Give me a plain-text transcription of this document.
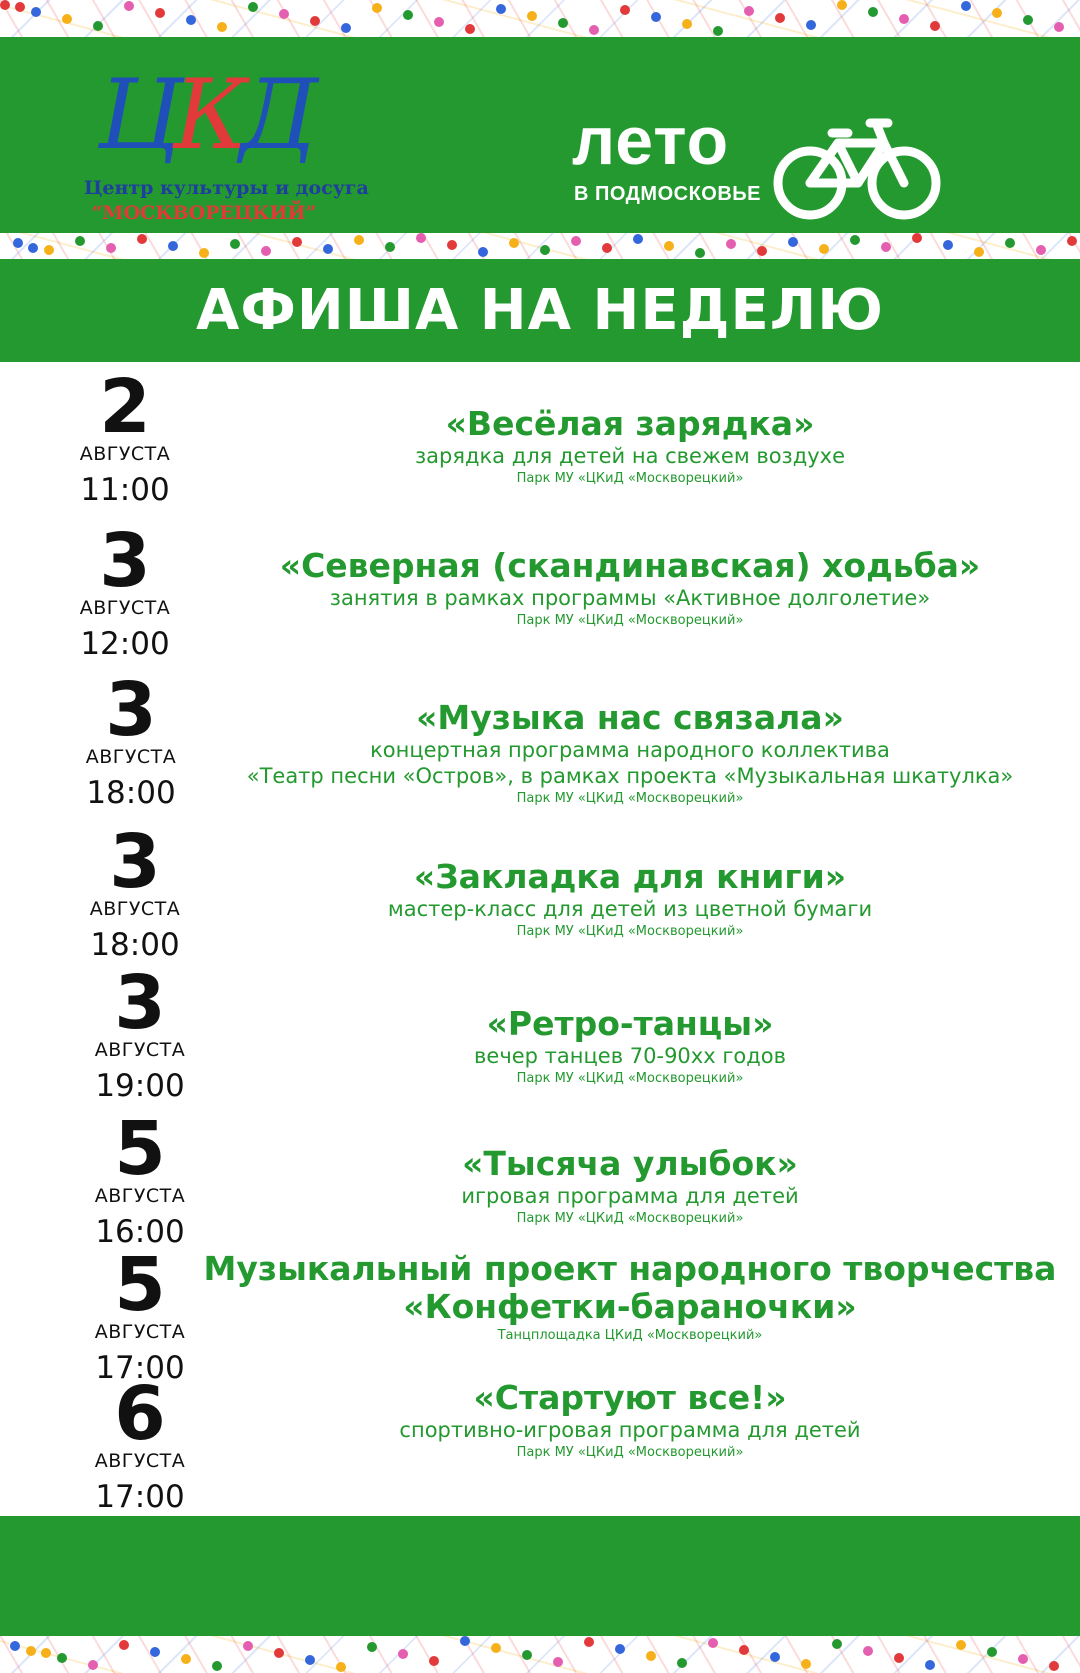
ЦКД
Центр культуры и досуга
“МОСКВОРЕЦКИЙ”
лето
В ПОДМОСКОВЬЕ
АФИША НА НЕДЕЛЮ
2
АВГУСТА
11:00

«Весёлая зарядка»

зарядка для детей на свежем воздухе

Парк МУ «ЦКиД «Москворецкий»

3
АВГУСТА
12:00

«Северная (скандинавская) ходьба»

занятия в рамках программы «Активное долголетие»

Парк МУ «ЦКиД «Москворецкий»

3
АВГУСТА
18:00

«Музыка нас связала»

концертная программа народного коллектива

«Театр песни «Остров», в рамках проекта «Музыкальная шкатулка»

Парк МУ «ЦКиД «Москворецкий»

3
АВГУСТА
18:00

«Закладка для книги»

мастер-класс для детей из цветной бумаги

Парк МУ «ЦКиД «Москворецкий»

3
АВГУСТА
19:00

«Ретро-танцы»

вечер танцев 70-90хх годов

Парк МУ «ЦКиД «Москворецкий»

5
АВГУСТА
16:00

«Тысяча улыбок»

игровая программа для детей

Парк МУ «ЦКиД «Москворецкий»

5
АВГУСТА
17:00

Музыкальный проект народного творчества

«Конфетки-бараночки»

Танцплощадка ЦКиД «Москворецкий»

6
АВГУСТА
17:00

«Стартуют все!»

спортивно-игровая программа для детей

Парк МУ «ЦКиД «Москворецкий»
